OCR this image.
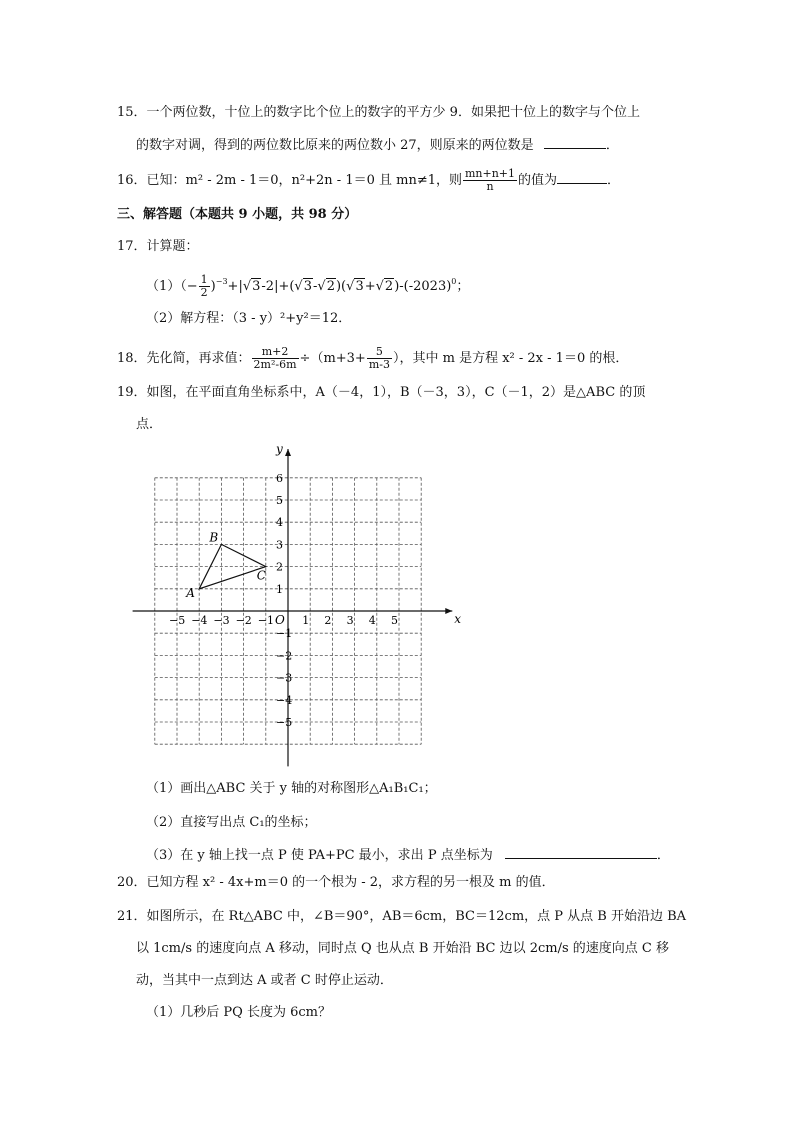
15．一个两位数，十位上的数字比个位上的数字的平方少 9．如果把十位上的数字与个位上
的数字对调，得到的两位数比原来的两位数小 27，则原来的两位数是	．
16．已知：m² - 2m - 1＝0，n²+2n - 1＝0 且 mn≠1，则 $\frac{mn+n+1}{n}$ 的值为	．
三、解答题（本题共 9 小题，共 98 分）
17．计算题：
$(1)(- \frac{1}{2} )^{-3}+|√3-2|+(√3-√2)(√3+√2)-(-2023)^0$；
（2）解方程：（3 - y）²+y²＝12．
18．先化简，再求值： $\frac{m+2}{\text{2m²-6m}} \div(m+3+ \frac{5}{m-3}$ ），其中 m 是方程 x² - 2x - 1＝0 的根．
19．如图，在平面直角坐标系中，A（－4，1），B（－3，3），C（－1，2）是△ABC 的顶
点．
x
y
O
−5 −4 −3 −2 −1	1 2 3 4 5
6
5
4
3
2
1
−1
−2
−3
−4
−5
A
B
C
（1）画出△ABC 关于 y 轴的对称图形△A₁B₁C₁；
（2）直接写出点 C₁的坐标；
（3）在 y 轴上找一点 P 使 PA+PC 最小，求出 P 点坐标为	．
20．已知方程 x² - 4x+m＝0 的一个根为 - 2，求方程的另一根及 m 的值．
21．如图所示，在 Rt△ABC 中，∠B＝90°，AB＝6cm，BC＝12cm，点 P 从点 B 开始沿边 BA
以 1cm/s 的速度向点 A 移动，同时点 Q 也从点 B 开始沿 BC 边以 2cm/s 的速度向点 C 移
动，当其中一点到达 A 或者 C 时停止运动．
（1）几秒后 PQ 长度为 6cm？
